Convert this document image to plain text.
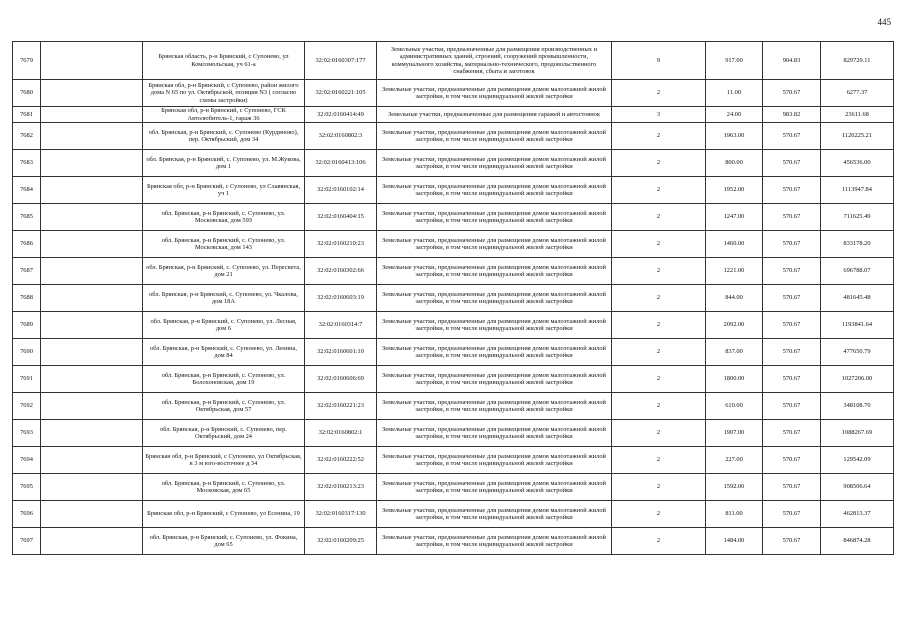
445
7679		Брянская область, р-н Брянский, с Супонево, ул Комсомольская, уч 61-а	32:02:0160307:177	Земельные участки, предназначенные для размещения производственных и административных зданий, строений, сооружений промышленности, коммунального хозяйства, материально-технического, продовольственного снабжения, сбыта и заготовок	9	917.00	904.83	829729.11
7680		Брянская обл, р-н Брянский, с Супонево, район жилого дома N 65 по ул. Октябрьской, позиция N3 ( согласно схемы застройки)	32:02:0160221:105	Земельные участки, предназначенные для размещения домов малоэтажной жилой застройки, в том числе индивидуальной жилой застройки	2	11.00	570.67	6277.37
7681		Брянская обл, р-н Брянский, с Супонево, ГСК Автолюбитель-1, гараж 36	32:02:0160414:49	Земельные участки, предназначенные для размещения гаражей и автостоянок	3	24.00	983.82	23611.68
7682		обл. Брянская, р-н Брянский, с. Супонево (Курдиново), пер. Октябрьский, дом 34	32:02:0160802:3	Земельные участки, предназначенные для размещения домов малоэтажной жилой застройки, в том числе индивидуальной жилой застройки	2	1963.00	570.67	1120225.21
7683		обл. Брянская, р-н Брянский, с. Супонево, ул. М.Жукова, дом 1	32:02:0160413:106	Земельные участки, предназначенные для размещения домов малоэтажной жилой застройки, в том числе индивидуальной жилой застройки	2	800.00	570.67	456536.00
7684		Брянская обл, р-н Брянский, с Супонево, ул Славянская, уч 1	32:02:0160102:14	Земельные участки, предназначенные для размещения домов малоэтажной жилой застройки, в том числе индивидуальной жилой застройки	2	1952.00	570.67	1113947.84
7685		обл. Брянская, р-н Брянский, с. Супонево, ул. Московская, дом 59З	32:02:0160404:15	Земельные участки, предназначенные для размещения домов малоэтажной жилой застройки, в том числе индивидуальной жилой застройки	2	1247.00	570.67	711625.49
7686		обл. Брянская, р-н Брянский, с. Супонево, ул. Московская, дом 143	32:02:0160210:23	Земельные участки, предназначенные для размещения домов малоэтажной жилой застройки, в том числе индивидуальной жилой застройки	2	1460.00	570.67	833178.20
7687		обл. Брянская, р-н Брянский, с. Супонево, ул. Пересвета, дом 21	32:02:0160302:66	Земельные участки, предназначенные для размещения домов малоэтажной жилой застройки, в том числе индивидуальной жилой застройки	2	1221.00	570.67	696788.07
7688		обл. Брянская, р-н Брянский, с. Супонево, ул. Чкалова, дом 18А	32:02:0160603:19	Земельные участки, предназначенные для размещения домов малоэтажной жилой застройки, в том числе индивидуальной жилой застройки	2	844.00	570.67	481645.48
7689		обл. Брянская, р-н Брянский, с. Супонево, ул. Лесная, дом 6	32:02:0160314:7	Земельные участки, предназначенные для размещения домов малоэтажной жилой застройки, в том числе индивидуальной жилой застройки	2	2092.00	570.67	1193841.64
7690		обл. Брянская, р-н Брянский, с. Супонево, ул. Ленина, дом 84	32:02:0160601:10	Земельные участки, предназначенные для размещения домов малоэтажной жилой застройки, в том числе индивидуальной жилой застройки	2	837.00	570.67	477650.79
7691		обл. Брянская, р-н Брянский, с. Супонево, ул. Болохоновская, дом 19	32:02:0160606:69	Земельные участки, предназначенные для размещения домов малоэтажной жилой застройки, в том числе индивидуальной жилой застройки	2	1800.00	570.67	1027206.00
7692		обл. Брянская, р-н Брянский, с. Супонево, ул. Октябрьская, дом 57	32:02:0160221:23	Земельные участки, предназначенные для размещения домов малоэтажной жилой застройки, в том числе индивидуальной жилой застройки	2	610.00	570.67	348108.70
7693		обл. Брянская, р-н Брянский, с. Супонево, пер. Октябрьский, дом 24	32:02:0160802:1	Земельные участки, предназначенные для размещения домов малоэтажной жилой застройки, в том числе индивидуальной жилой застройки	2	1907.00	570.67	1088267.69
7694		Брянская обл, р-н Брянский, с Супонево, ул Октябрьская, в 3 м юго-восточнее д 34	32:02:0160222:52	Земельные участки, предназначенные для размещения домов малоэтажной жилой застройки, в том числе индивидуальной жилой застройки	2	227.00	570.67	129542.09
7695		обл. Брянская, р-н Брянский, с. Супонево, ул. Московская, дом 65	32:02:0160213:23	Земельные участки, предназначенные для размещения домов малоэтажной жилой застройки, в том числе индивидуальной жилой застройки	2	1592.00	570.67	908506.64
7696		Брянская обл, р-н Брянский, с Супонево, ул Есенина, 19	32:02:0160317:130	Земельные участки, предназначенные для размещения домов малоэтажной жилой застройки, в том числе индивидуальной жилой застройки	2	811.00	570.67	462813.37
7697		обл. Брянская, р-н Брянский, с. Супонево, ул. Фокина, дом 65	32:02:0160209:25	Земельные участки, предназначенные для размещения домов малоэтажной жилой застройки, в том числе индивидуальной жилой застройки	2	1484.00	570.67	846874.28
